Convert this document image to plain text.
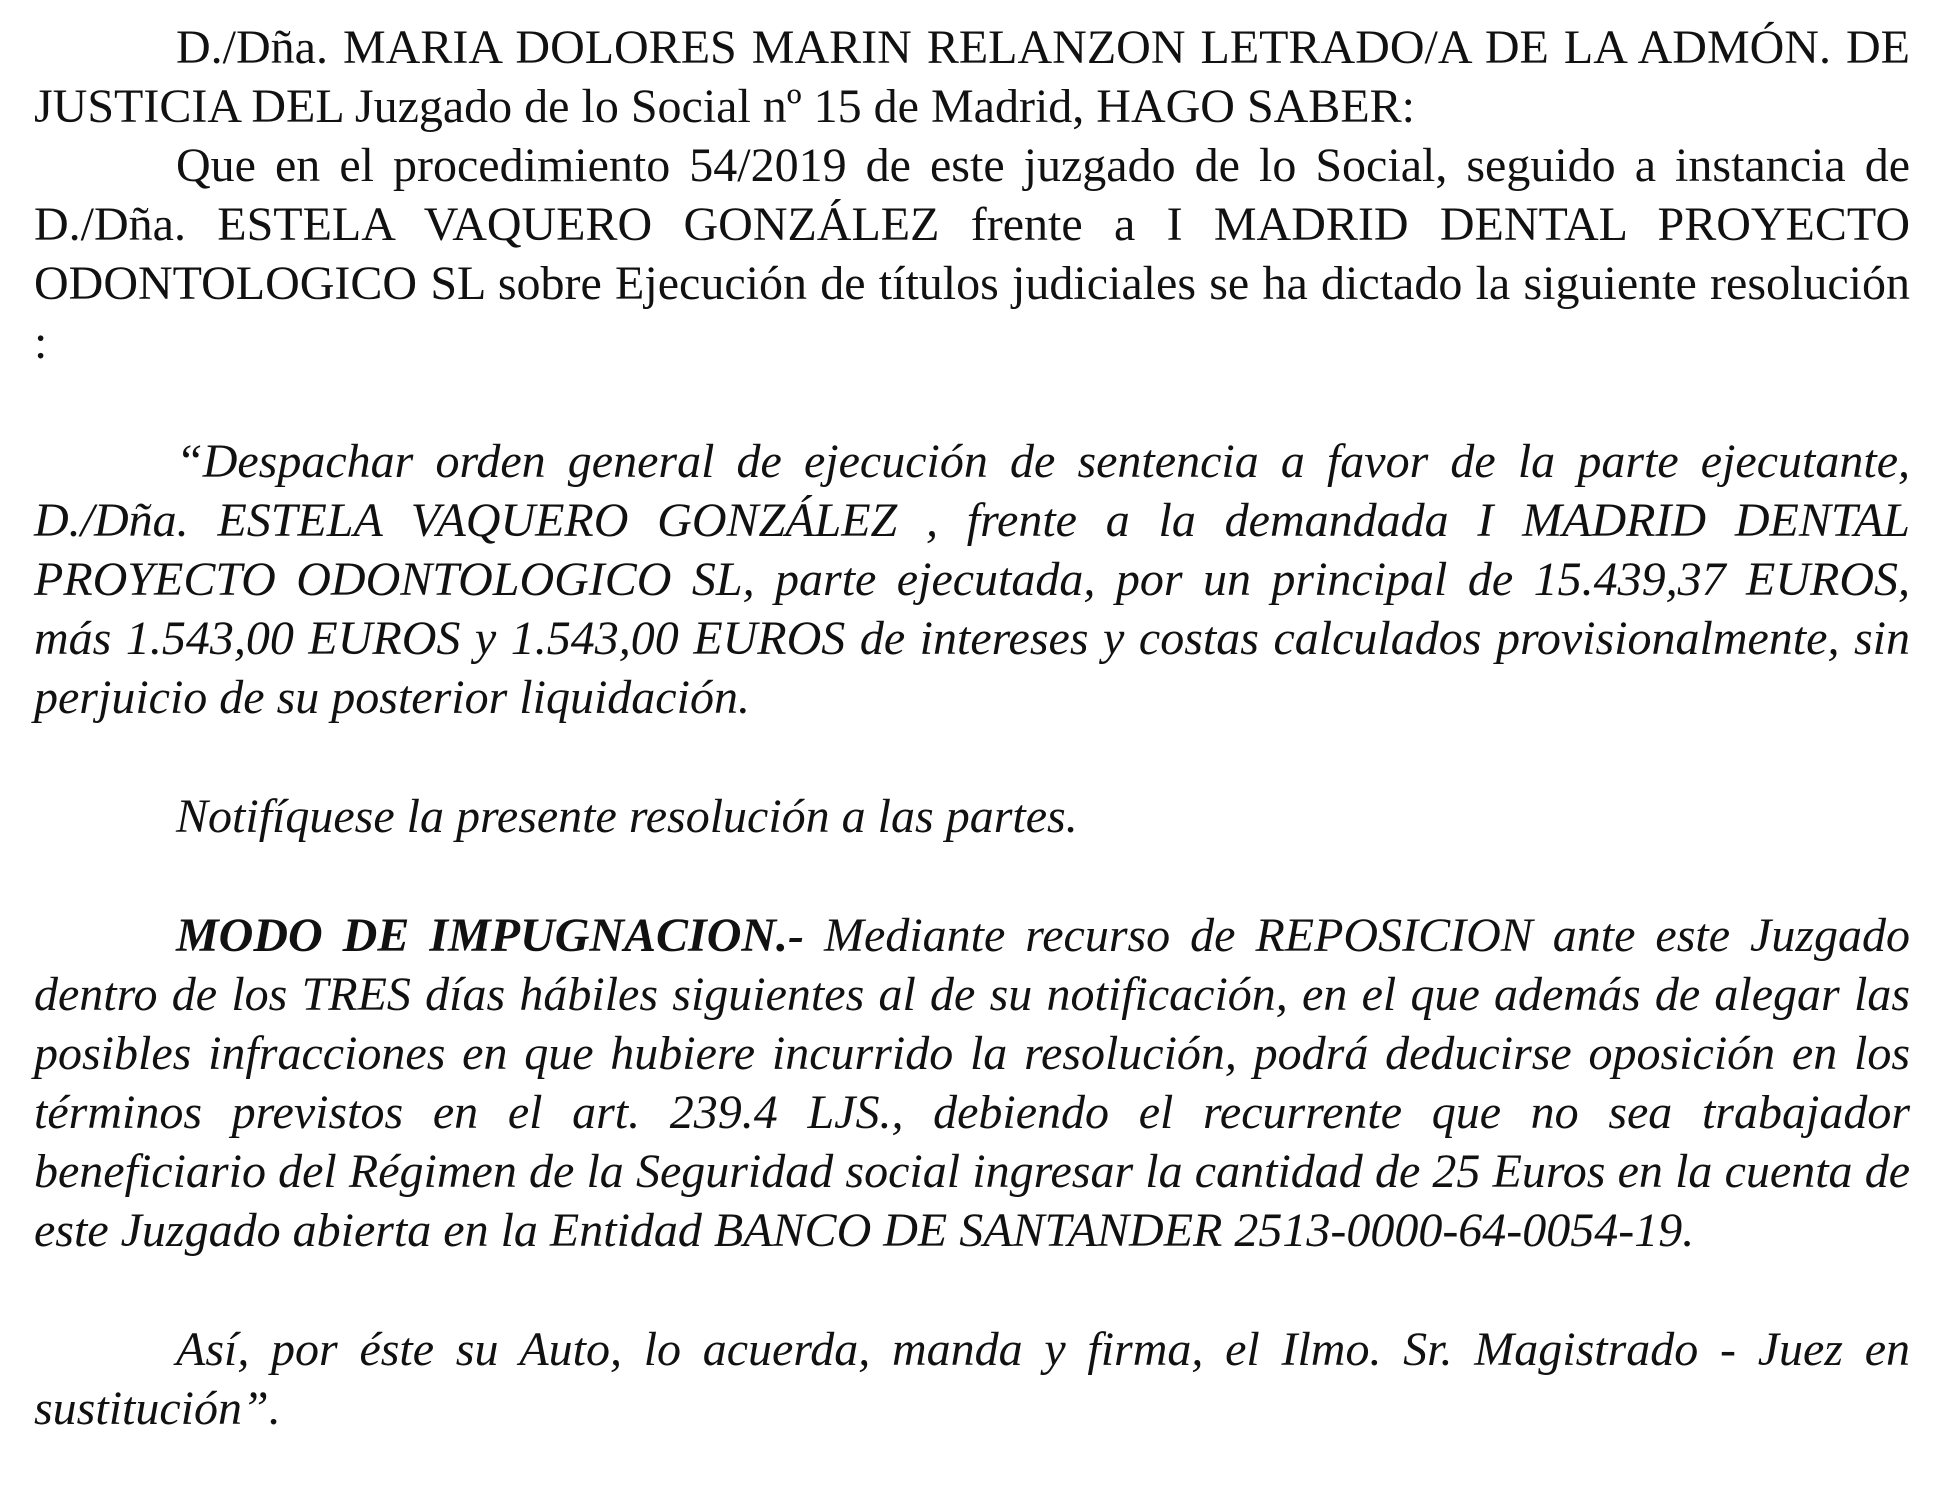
D./Dña. MARIA DOLORES MARIN RELANZON LETRADO/A DE LA ADMÓN. DE JUSTICIA DEL Juzgado de lo Social nº 15 de Madrid, HAGO SABER:

Que en el procedimiento 54/2019 de este juzgado de lo Social, seguido a instancia de D./Dña. ESTELA VAQUERO GONZÁLEZ frente a I MADRID DENTAL PROYECTO ODONTOLOGICO SL sobre Ejecución de títulos judiciales se ha dictado la siguiente resolución :

“Despachar orden general de ejecución de sentencia a favor de la parte ejecutante, D./Dña. ESTELA VAQUERO GONZÁLEZ , frente a la demandada I MADRID DENTAL PROYECTO ODONTOLOGICO SL, parte ejecutada, por un principal de 15.439,37 EUROS, más 1.543,00 EUROS y 1.543,00 EUROS de intereses y costas calculados provisionalmente, sin perjuicio de su posterior liquidación.

Notifíquese la presente resolución a las partes.

MODO DE IMPUGNACION.- Mediante recurso de REPOSICION ante este Juzgado dentro de los TRES días hábiles siguientes al de su notificación, en el que además de alegar las posibles infracciones en que hubiere incurrido la resolución, podrá deducirse oposición en los términos previstos en el art. 239.4 LJS., debiendo el recurrente que no sea trabajador beneficiario del Régimen de la Seguridad social ingresar la cantidad de 25 Euros en la cuenta de este Juzgado abierta en la Entidad BANCO DE SANTANDER 2513-0000-64-0054-19.

Así, por éste su Auto, lo acuerda, manda y firma, el Ilmo. Sr. Magistrado - Juez en sustitución”.
